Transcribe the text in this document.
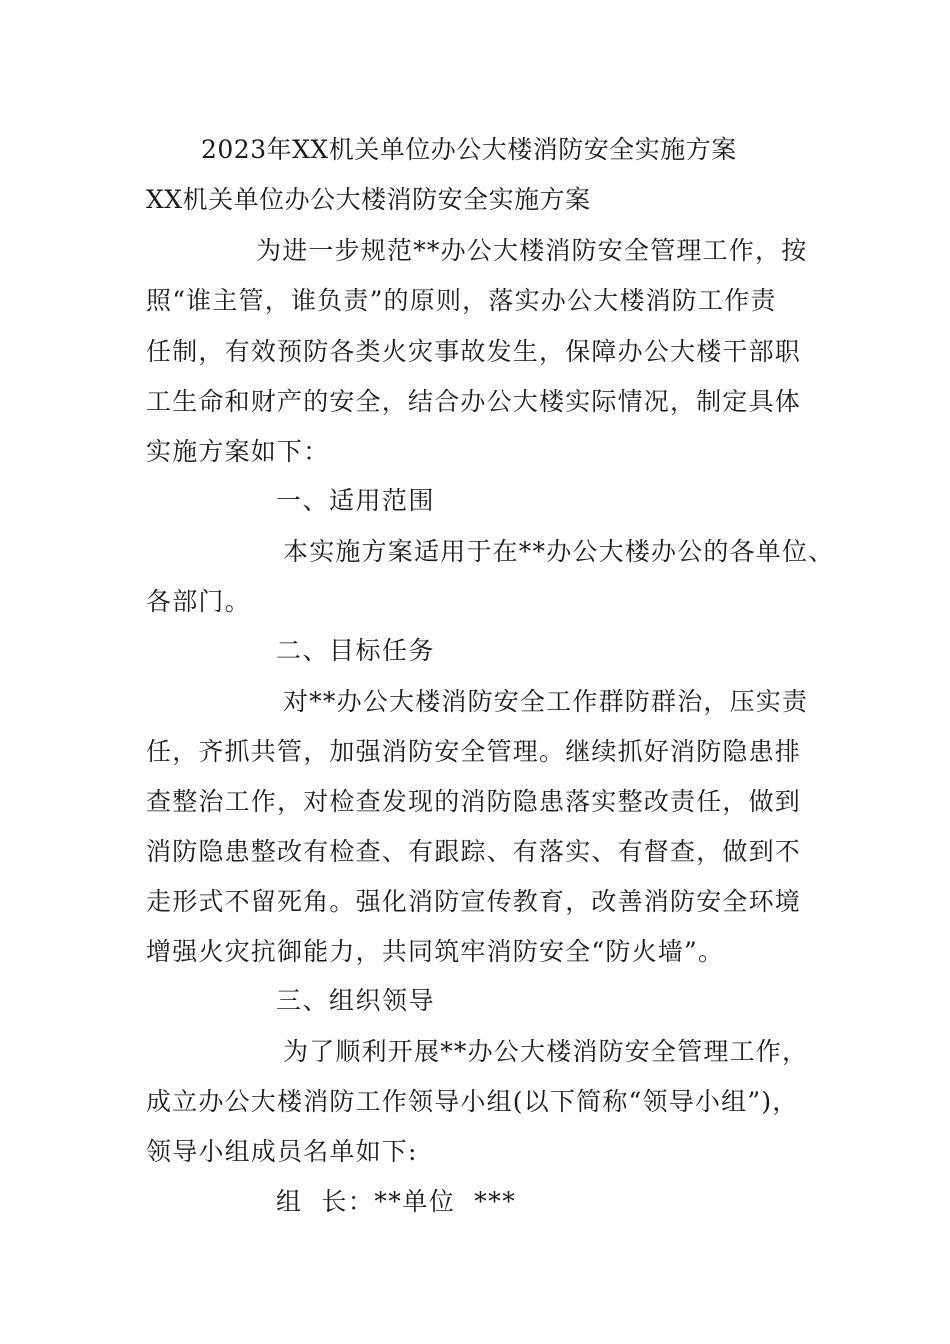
2023年XX机关单位办公大楼消防安全实施方案
XX机关单位办公大楼消防安全实施方案
为进一步规范**办公大楼消防安全管理工作，按
照“谁主管，谁负责”的原则，落实办公大楼消防工作责
任制，有效预防各类火灾事故发生，保障办公大楼干部职
工生命和财产的安全，结合办公大楼实际情况，制定具体
实施方案如下：
一、适用范围
本实施方案适用于在**办公大楼办公的各单位、
各部门。
二、目标任务
对**办公大楼消防安全工作群防群治，压实责
任，齐抓共管，加强消防安全管理。继续抓好消防隐患排
查整治工作，对检查发现的消防隐患落实整改责任，做到
消防隐患整改有检查、有跟踪、有落实、有督查，做到不
走形式不留死角。强化消防宣传教育，改善消防安全环境
增强火灾抗御能力，共同筑牢消防安全“防火墙”。
三、组织领导
为了顺利开展**办公大楼消防安全管理工作，
成立办公大楼消防工作领导小组(以下简称“领导小组”)，
领导小组成员名单如下:
组  长：**单位  ***
